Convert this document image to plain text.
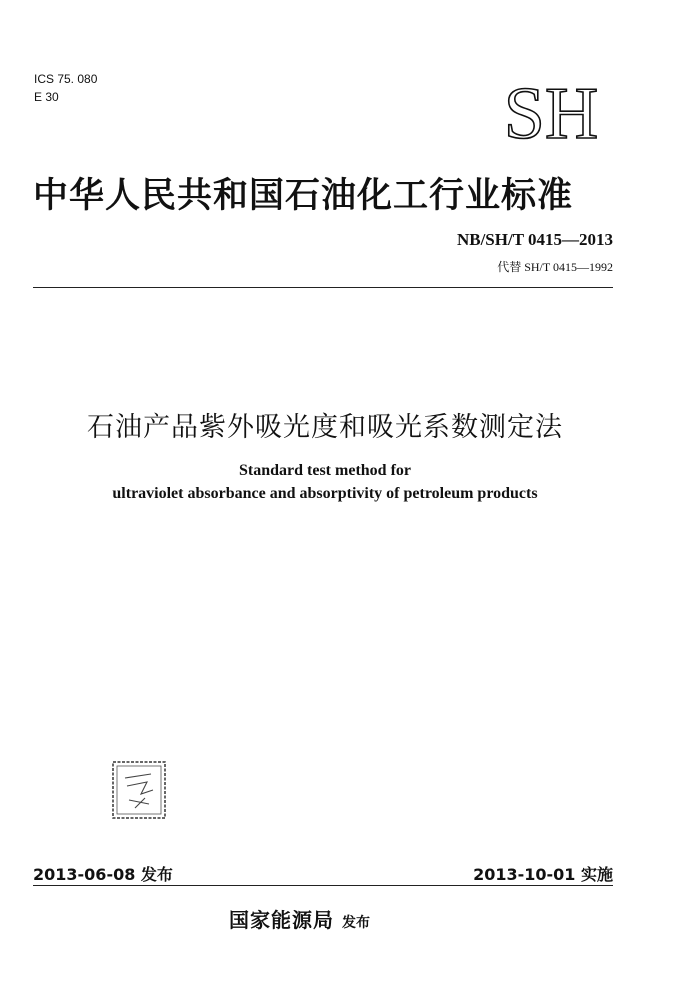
ICS 75. 080
E 30	SH
中华人民共和国石油化工行业标准
NB/SH/T 0415—2013
代替 SH/T 0415—1992
石油产品紫外吸光度和吸光系数测定法
Standard test method for
ultraviolet absorbance and absorptivity of petroleum products
2013-06-08 发布	2013-10-01 实施
国家能源局 发布
